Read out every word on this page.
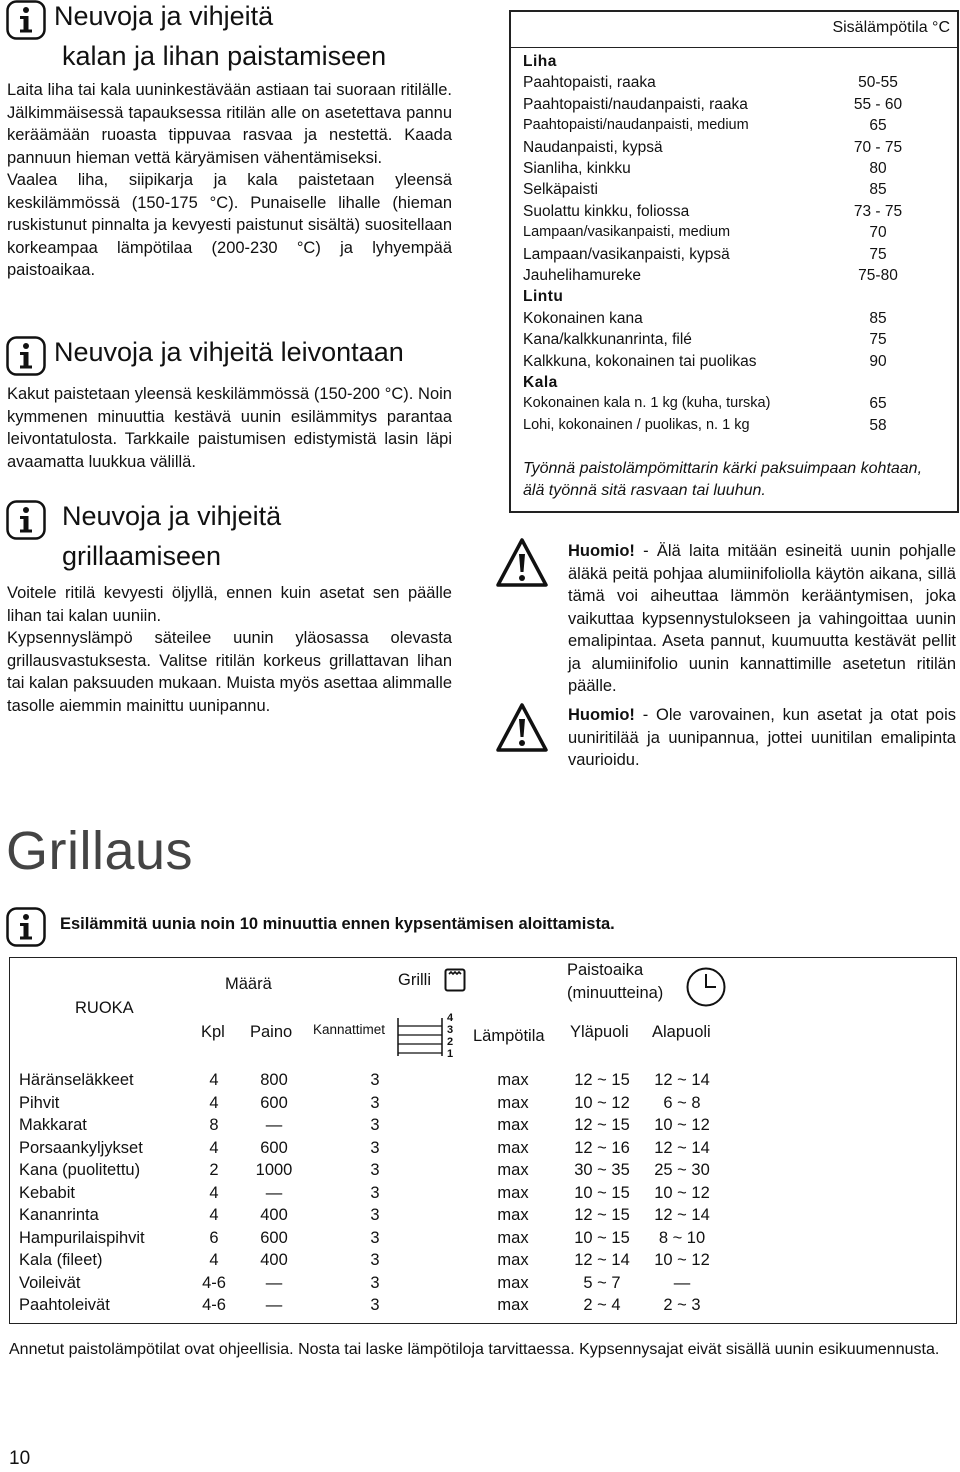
Neuvoja ja vihjeitä
kalan ja lihan paistamiseen

Laita liha tai kala uuninkestävään astiaan tai suoraan ritilälle. Jälkimmäisessä tapauksessa ritilän alle on asetettava pannu keräämään ruoasta tippuvaa rasvaa ja nestettä. Kaada pannuun hieman vettä käryämisen vähentämiseksi.

Vaalea liha, siipikarja ja kala paistetaan yleensä keskilämmössä (150-175 °C). Punaiselle lihalle (hieman ruskistunut pinnalta ja kevyesti paistunut sisältä) suositellaan korkeampaa lämpötilaa (200-230 °C) ja lyhyempää paistoaikaa.

Neuvoja ja vihjeitä leivontaan

Kakut paistetaan yleensä keskilämmössä (150-200 °C). Noin kymmenen minuuttia kestävä uunin esilämmitys parantaa leivontatulosta. Tarkkaile paistumisen edistymistä lasin läpi avaamatta luukkua välillä.

Neuvoja ja vihjeitä
grillaamiseen

Voitele ritilä kevyesti öljyllä, ennen kuin asetat sen päälle lihan tai kalan uuniin.

Kypsennyslämpö säteilee uunin yläosassa olevasta grillausvastuksesta. Valitse ritilän korkeus grillattavan lihan tai kalan paksuuden mukaan. Muista myös asettaa alimmalle tasolle aiemmin mainittu uunipannu.

Sisälämpötila °C
Liha
Paahtopaisti, raaka	50-55
Paahtopaisti/naudanpaisti, raaka	55 - 60
Paahtopaisti/naudanpaisti, medium	65
Naudanpaisti, kypsä	70 - 75
Sianliha, kinkku	80
Selkäpaisti	85
Suolattu kinkku, foliossa	73 - 75
Lampaan/vasikanpaisti, medium	70
Lampaan/vasikanpaisti, kypsä	75
Jauhelihamureke	75-80
Lintu
Kokonainen kana	85
Kana/kalkkunanrinta, filé	75
Kalkkuna, kokonainen tai puolikas	90
Kala
Kokonainen kala n. 1 kg (kuha, turska)	65
Lohi, kokonainen / puolikas, n. 1 kg	58
Työnnä paistolämpömittarin kärki paksuimpaan kohtaan, älä työnnä sitä rasvaan tai luuhun.

Huomio! - Älä laita mitään esineitä uunin pohjalle äläkä peitä pohjaa alumiinifoliolla käytön aikana, sillä tämä voi aiheuttaa lämmön kerääntymisen, joka vaikuttaa kypsennystulokseen ja vahingoittaa uunin emalipintaa. Aseta pannut, kuumuutta kestävät pellit ja alumiinifolio uunin kannattimille asetetun ritilän päälle.

Huomio! - Ole varovainen, kun asetat ja otat pois uuniritilää ja uunipannua, jottei uunitilan emalipinta vaurioidu.

Grillaus
Esilämmitä uunia noin 10 minuuttia ennen kypsentämisen aloittamista.
RUOKA
Määrä	Grilli
Paistoaika
(minuutteina)
Kpl Paino Kannattimet
4
3
2
1
Lämpötila Yläpuoli Alapuoli
Häränseläkkeet	4	800	3	max	12 ~ 15	12 ~ 14
Pihvit	4	600	3	max	10 ~ 12	6 ~ 8
Makkarat	8	—	3	max	12 ~ 15	10 ~ 12
Porsaankyljykset	4	600	3	max	12 ~ 16	12 ~ 14
Kana (puolitettu)	2	1000	3	max	30 ~ 35	25 ~ 30
Kebabit	4	—	3	max	10 ~ 15	10 ~ 12
Kananrinta	4	400	3	max	12 ~ 15	12 ~ 14
Hampurilaispihvit	6	600	3	max	10 ~ 15	8 ~ 10
Kala (fileet)	4	400	3	max	12 ~ 14	10 ~ 12
Voileivät	4-6	—	3	max	5 ~ 7	—
Paahtoleivät	4-6	—	3	max	2 ~ 4	2 ~ 3
Annetut paistolämpötilat ovat ohjeellisia. Nosta tai laske lämpötiloja tarvittaessa. Kypsennysajat eivät sisällä uunin esikuumennusta.
10
